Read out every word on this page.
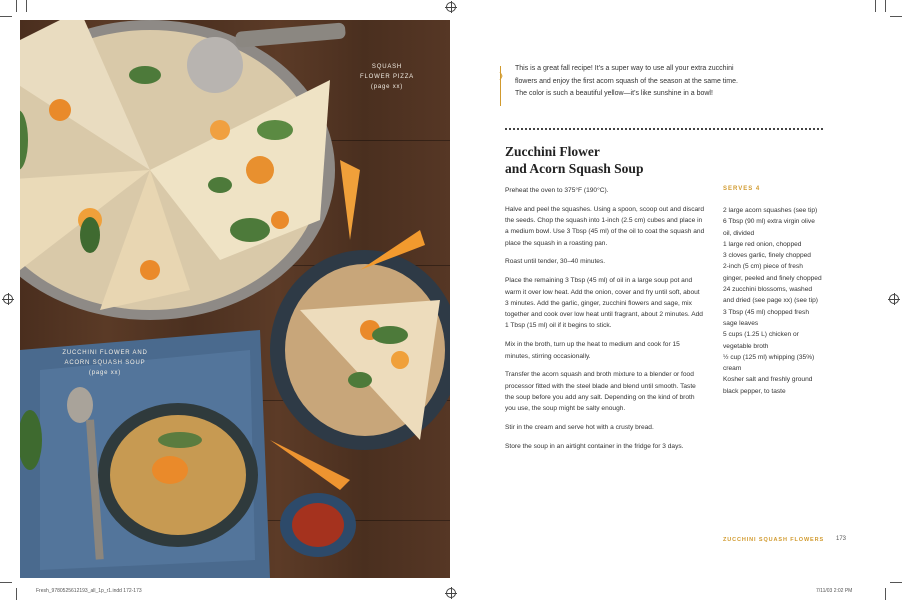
SQUASH
FLOWER PIZZA
(page xx)
ZUCCHINI FLOWER AND
ACORN SQUASH SOUP
(page xx)
This is a great fall recipe! It’s a super way to use all your extra zucchini flowers and enjoy the first acorn squash of the season at the same time. The color is such a beautiful yellow—it’s like sunshine in a bowl!
Zucchini Flower
and Acorn Squash Soup

Preheat the oven to 375°F (190°C).

Halve and peel the squashes. Using a spoon, scoop out and discard the seeds. Chop the squash into 1-inch (2.5 cm) cubes and place in a medium bowl. Use 3 Tbsp (45 ml) of the oil to coat the squash and place the squash in a roasting pan.

Roast until tender, 30–40 minutes.

Place the remaining 3 Tbsp (45 ml) of oil in a large soup pot and warm it over low heat. Add the onion, cover and fry until soft, about 3 minutes. Add the garlic, ginger, zucchini flowers and sage, mix together and cook over low heat until fragrant, about 2 minutes. Add 1 Tbsp (15 ml) oil if it begins to stick.

Mix in the broth, turn up the heat to medium and cook for 15 minutes, stirring occasionally.

Transfer the acorn squash and broth mixture to a blender or food processor fitted with the steel blade and blend until smooth. Taste the soup before you add any salt. Depending on the kind of broth you use, the soup might be salty enough.

Stir in the cream and serve hot with a crusty bread.

Store the soup in an airtight container in the fridge for 3 days.

SERVES 4
2 large acorn squashes (see tip)
6 Tbsp (90 ml) extra virgin olive oil, divided
1 large red onion, chopped
3 cloves garlic, finely chopped
2-inch (5 cm) piece of fresh ginger, peeled and finely chopped
24 zucchini blossoms, washed and dried (see page xx) (see tip)
3 Tbsp (45 ml) chopped fresh sage leaves
5 cups (1.25 L) chicken or vegetable broth
½ cup (125 ml) whipping (35%) cream
Kosher salt and freshly ground black pepper, to taste
ZUCCHINI SQUASH FLOWERS 173
Fresh_9780525612193_all_1p_r1.indd 172-173	7/11/03 2:02 PM
